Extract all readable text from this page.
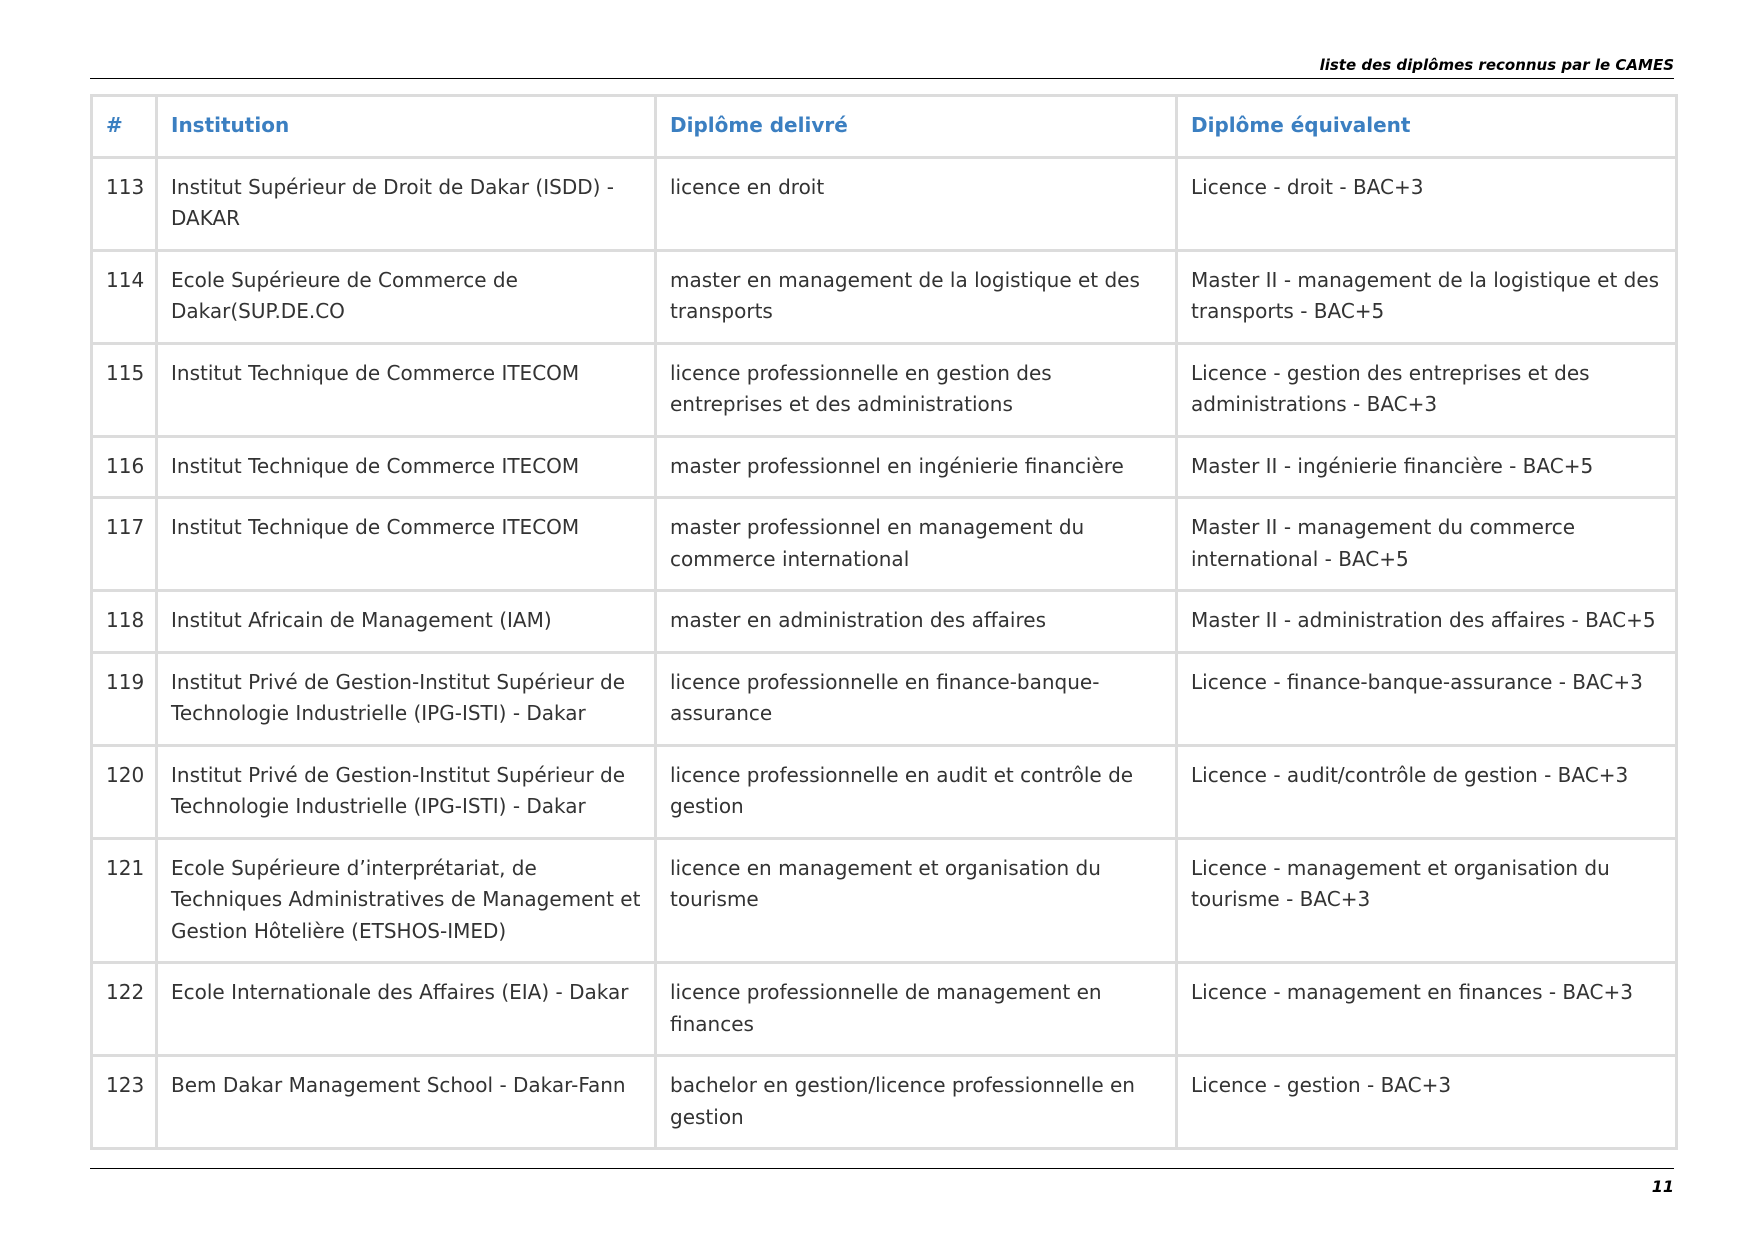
liste des diplômes reconnus par le CAMES
#	Institution	Diplôme delivré	Diplôme équivalent
113	Institut Supérieur de Droit de Dakar (ISDD) - DAKAR	licence en droit	Licence - droit - BAC+3
114	Ecole Supérieure de Commerce de Dakar(SUP.DE.CO	master en management de la logistique et des transports	Master II - management de la logistique et des transports - BAC+5
115	Institut Technique de Commerce ITECOM	licence professionnelle en gestion des entreprises et des administrations	Licence - gestion des entreprises et des administrations - BAC+3
116	Institut Technique de Commerce ITECOM	master professionnel en ingénierie financière	Master II - ingénierie financière - BAC+5
117	Institut Technique de Commerce ITECOM	master professionnel en management du commerce international	Master II - management du commerce international - BAC+5
118	Institut Africain de Management (IAM)	master en administration des affaires	Master II - administration des affaires - BAC+5
119	Institut Privé de Gestion-Institut Supérieur de Technologie Industrielle (IPG-ISTI) - Dakar	licence professionnelle en finance-banque-assurance	Licence - finance-banque-assurance - BAC+3
120	Institut Privé de Gestion-Institut Supérieur de Technologie Industrielle (IPG-ISTI) - Dakar	licence professionnelle en audit et contrôle de gestion	Licence - audit/contrôle de gestion - BAC+3
121	Ecole Supérieure d’interprétariat, de Techniques Administratives de Management et Gestion Hôtelière (ETSHOS-IMED)	licence en management et organisation du tourisme	Licence - management et organisation du tourisme - BAC+3
122	Ecole Internationale des Affaires (EIA) - Dakar	licence professionnelle de management en finances	Licence - management en finances - BAC+3
123	Bem Dakar Management School - Dakar-Fann	bachelor en gestion/licence professionnelle en gestion	Licence - gestion - BAC+3
11
